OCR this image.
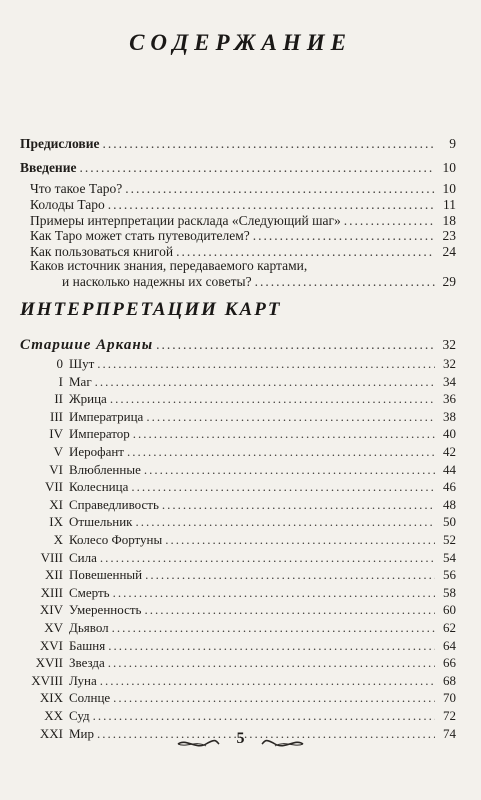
СОДЕРЖАНИЕ
Предисловие .....	9
Введение .....	10
Что такое Таро? .....	10
Колоды Таро .....	11
Примеры интерпретации расклада «Следующий шаг» .....	18
Как Таро может стать путеводителем? .....	23
Как пользоваться книгой .....	24
Каков источник знания, передаваемого картами,
и насколько надежны их советы? .....	29
Старшие Арканы .....	32
0 Шут .....	32
I Маг .....	34
II Жрица .....	36
III Императрица .....	38
IV Император .....	40
V Иерофант .....	42
VI Влюбленные .....	44
VII Колесница .....	46
XI Справедливость .....	48
IX Отшельник .....	50
X Колесо Фортуны .....	52
VIII Сила .....	54
XII Повешенный .....	56
XIII Смерть .....	58
XIV Умеренность .....	60
XV Дьявол .....	62
XVI Башня .....	64
XVII Звезда .....	66
XVIII Луна .....	68
XIX Солнце .....	70
XX Суд .....	72
XXI Мир .....	74
ИНТЕРПРЕТАЦИИ КАРТ
5
